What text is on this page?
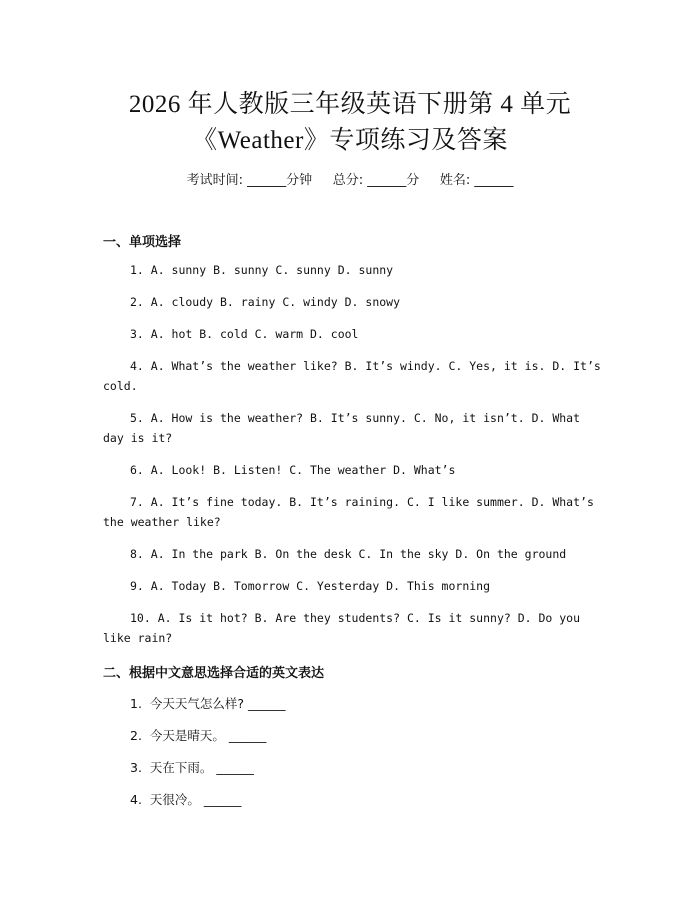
2026 年人教版三年级英语下册第 4 单元
《Weather》专项练习及答案
考试时间: ______分钟     总分: ______分     姓名: ______
一、单项选择
1. A. sunny B. sunny C. sunny D. sunny
2. A. cloudy B. rainy C. windy D. snowy
3. A. hot B. cold C. warm D. cool
4. A. What’s the weather like? B. It’s windy. C. Yes, it is. D. It’s cold.
5. A. How is the weather? B. It’s sunny. C. No, it isn’t. D. What day is it?
6. A. Look! B. Listen! C. The weather D. What’s
7. A. It’s fine today. B. It’s raining. C. I like summer. D. What’s the weather like?
8. A. In the park B. On the desk C. In the sky D. On the ground
9. A. Today B. Tomorrow C. Yesterday D. This morning
10. A. Is it hot? B. Are they students? C. Is it sunny? D. Do you like rain?
二、根据中文意思选择合适的英文表达
1.  今天天气怎么样? ______
2.  今天是晴天。 ______
3.  天在下雨。 ______
4.  天很冷。 ______
